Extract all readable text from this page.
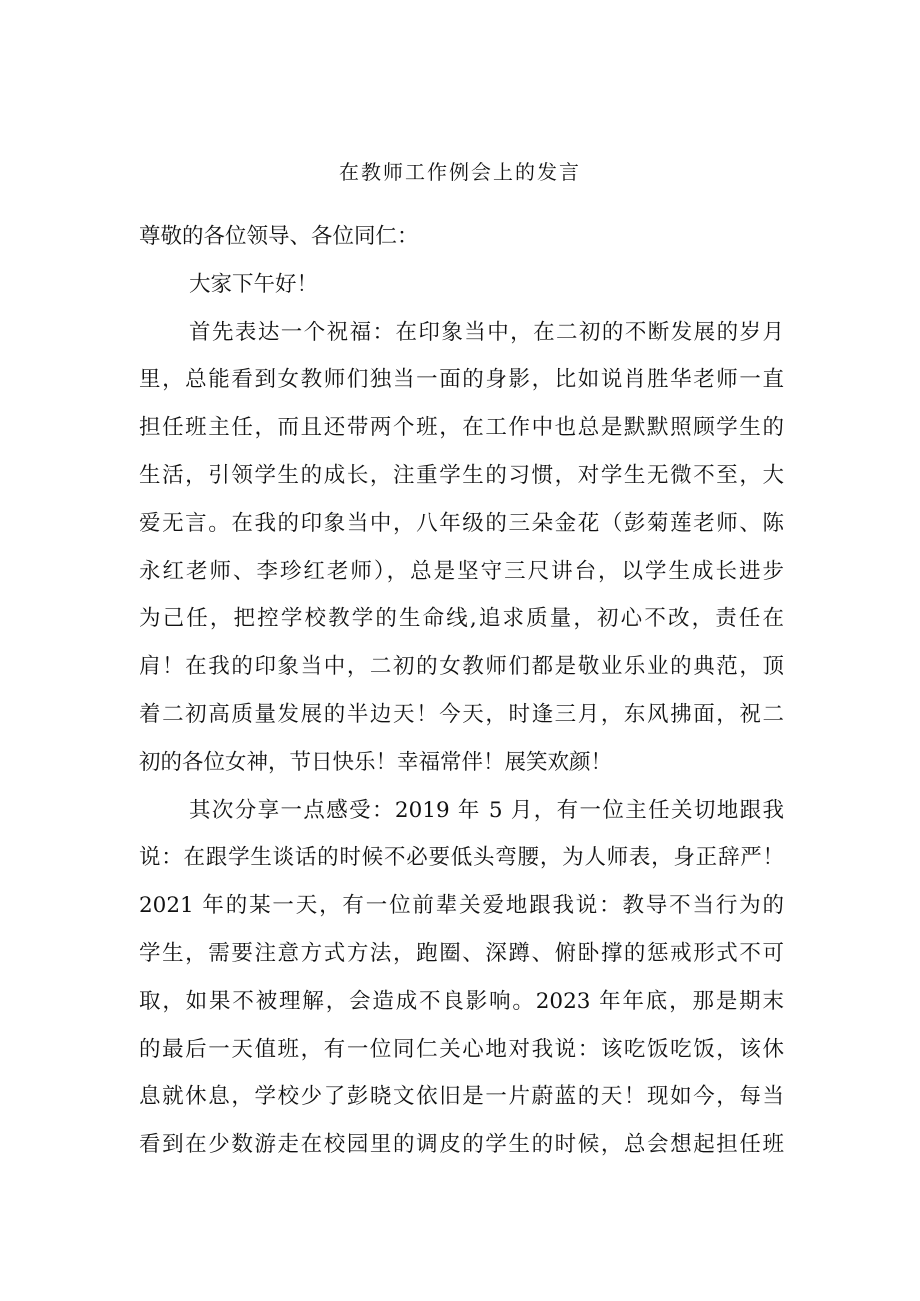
在教师工作例会上的发言
尊敬的各位领导、各位同仁：
大家下午好！

首先表达一个祝福：在印象当中，在二初的不断发展的岁月
里，总能看到女教师们独当一面的身影，比如说肖胜华老师一直
担任班主任，而且还带两个班，在工作中也总是默默照顾学生的
生活，引领学生的成长，注重学生的习惯，对学生无微不至，大
爱无言。在我的印象当中，八年级的三朵金花（彭菊莲老师、陈
永红老师、李珍红老师），总是坚守三尺讲台，以学生成长进步
为己任，把控学校教学的生命线,追求质量，初心不改，责任在
肩！在我的印象当中，二初的女教师们都是敬业乐业的典范，顶
着二初高质量发展的半边天！今天，时逢三月，东风拂面，祝二
初的各位女神，节日快乐！幸福常伴！展笑欢颜！

其次分享一点感受：2019 年 5 月，有一位主任关切地跟我
说：在跟学生谈话的时候不必要低头弯腰，为人师表，身正辞严！
2021 年的某一天，有一位前辈关爱地跟我说：教导不当行为的
学生，需要注意方式方法，跑圈、深蹲、俯卧撑的惩戒形式不可
取，如果不被理解，会造成不良影响。2023 年年底，那是期末
的最后一天值班，有一位同仁关心地对我说：该吃饭吃饭，该休
息就休息，学校少了彭晓文依旧是一片蔚蓝的天！现如今，每当
看到在少数游走在校园里的调皮的学生的时候，总会想起担任班
